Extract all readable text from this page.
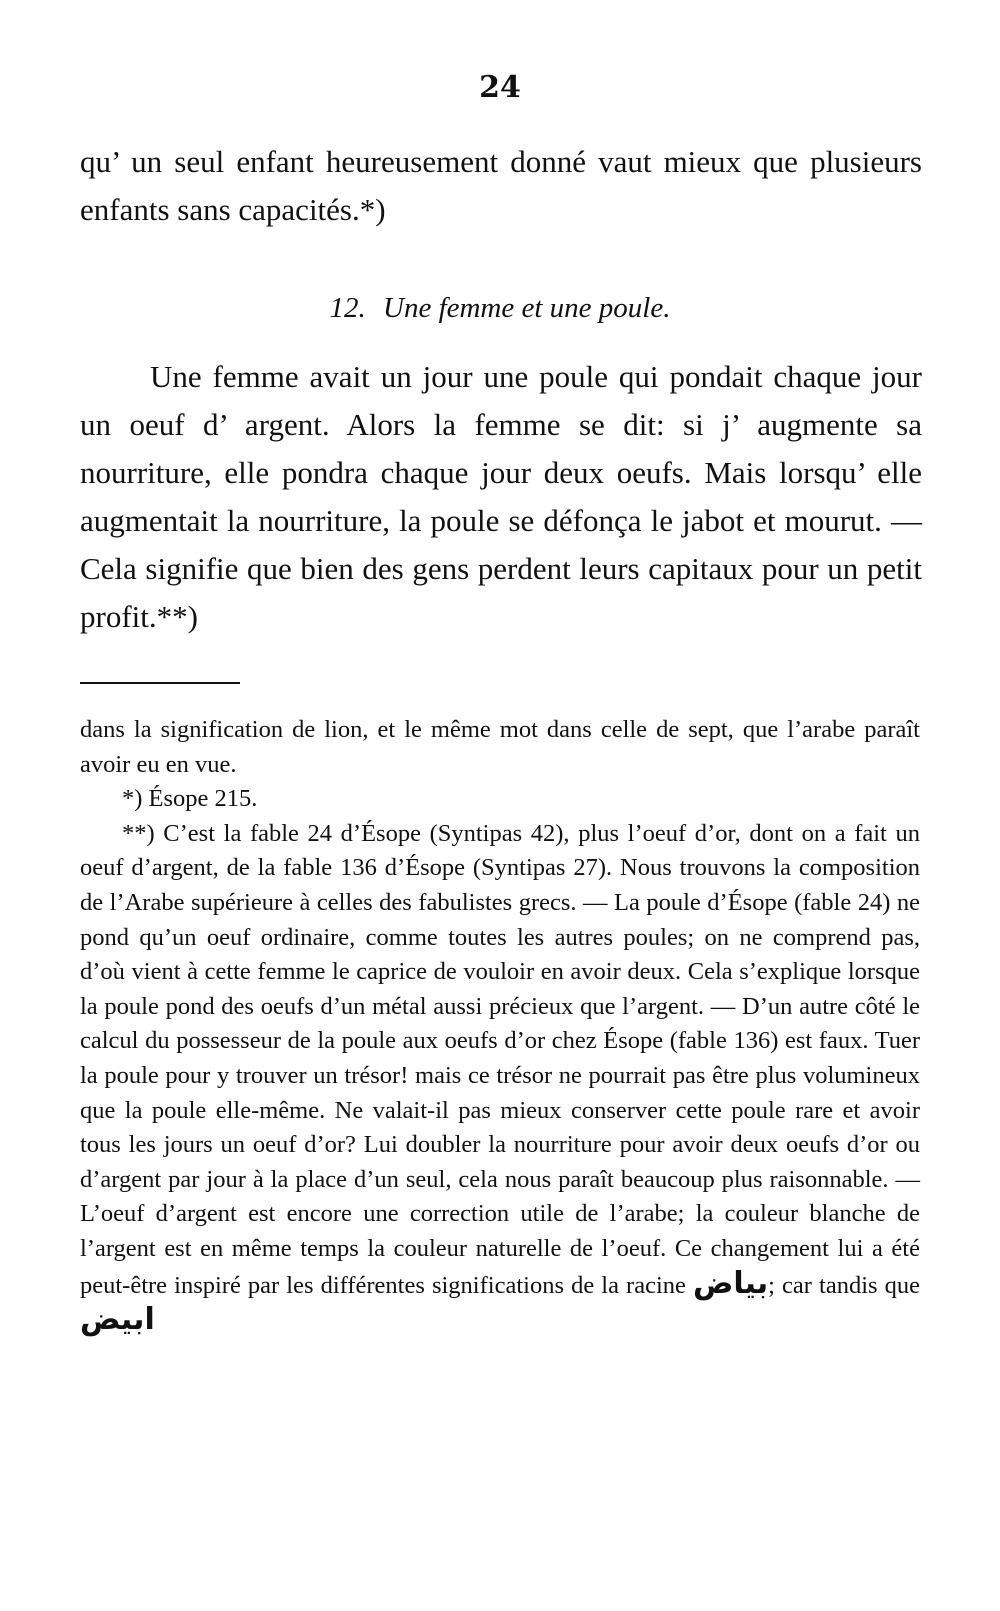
24

qu’ un seul enfant heureusement donné vaut mieux que plusieurs enfants sans capacités.*)

12. Une femme et une poule.

Une femme avait un jour une poule qui pondait chaque jour un oeuf d’ argent. Alors la femme se dit: si j’ augmente sa nourriture, elle pondra chaque jour deux oeufs. Mais lorsqu’ elle augmentait la nourriture, la poule se défonça le jabot et mourut. — Cela signifie que bien des gens perdent leurs capitaux pour un petit profit.**)

dans la signification de lion, et le même mot dans celle de sept, que l’arabe paraît avoir eu en vue.

*) Ésope 215.

**) C’est la fable 24 d’Ésope (Syntipas 42), plus l’oeuf d’or, dont on a fait un oeuf d’argent, de la fable 136 d’Ésope (Syntipas 27). Nous trouvons la composition de l’Arabe supérieure à celles des fabulistes grecs. — La poule d’Ésope (fable 24) ne pond qu’un oeuf ordinaire, comme toutes les autres poules; on ne comprend pas, d’où vient à cette femme le caprice de vouloir en avoir deux. Cela s’explique lorsque la poule pond des oeufs d’un métal aussi précieux que l’argent. — D’un autre côté le calcul du possesseur de la poule aux oeufs d’or chez Ésope (fable 136) est faux. Tuer la poule pour y trouver un trésor! mais ce trésor ne pourrait pas être plus volumineux que la poule elle-même. Ne valait-il pas mieux conserver cette poule rare et avoir tous les jours un oeuf d’or? Lui doubler la nourriture pour avoir deux oeufs d’or ou d’argent par jour à la place d’un seul, cela nous paraît beaucoup plus raisonnable. — L’oeuf d’argent est encore une correction utile de l’arabe; la couleur blanche de l’argent est en même temps la couleur naturelle de l’oeuf. Ce changement lui a été peut-être inspiré par les différentes significations de la racine بياض; car tandis que ابيض
